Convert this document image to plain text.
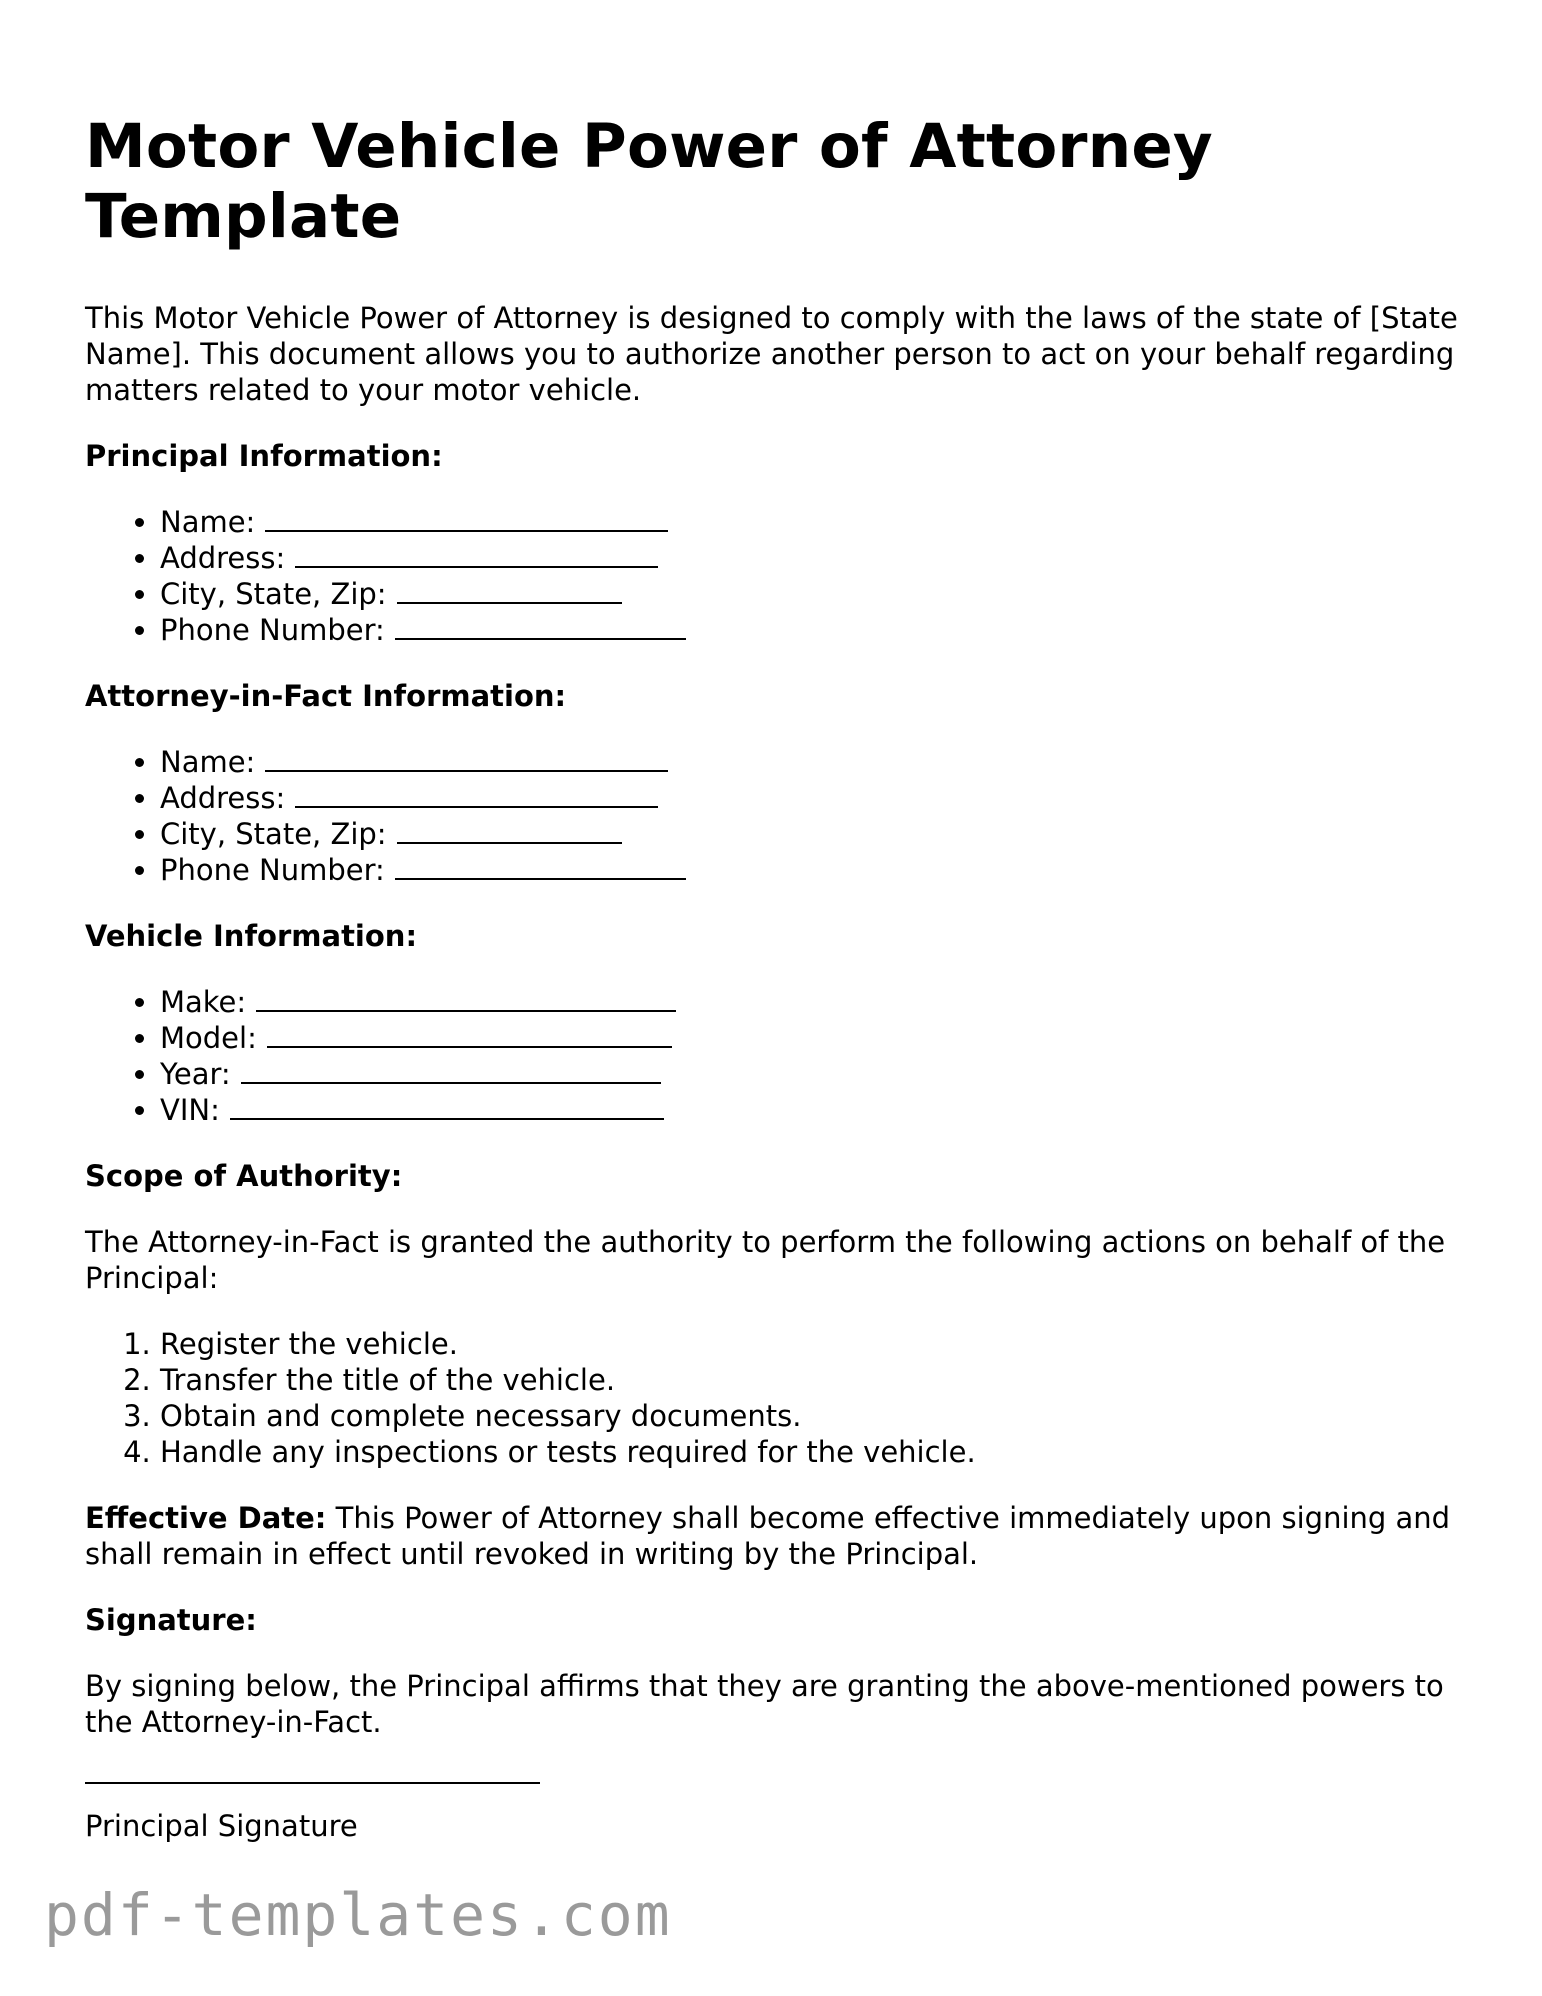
Motor Vehicle Power of Attorney Template

This Motor Vehicle Power of Attorney is designed to comply with the laws of the state of [State Name]. This document allows you to authorize another person to act on your behalf regarding matters related to your motor vehicle.

Principal Information:
• Name:
• Address:
• City, State, Zip:
• Phone Number:
Attorney-in-Fact Information:
• Name:
• Address:
• City, State, Zip:
• Phone Number:
Vehicle Information:
• Make:
• Model:
• Year:
• VIN:
Scope of Authority:

The Attorney-in-Fact is granted the authority to perform the following actions on behalf of the Principal:

1. Register the vehicle.
2. Transfer the title of the vehicle.
3. Obtain and complete necessary documents.
4. Handle any inspections or tests required for the vehicle.

Effective Date: This Power of Attorney shall become effective immediately upon signing and shall remain in effect until revoked in writing by the Principal.

Signature:

By signing below, the Principal affirms that they are granting the above-mentioned powers to the Attorney-in-Fact.

Principal Signature
pdf-templates.com
